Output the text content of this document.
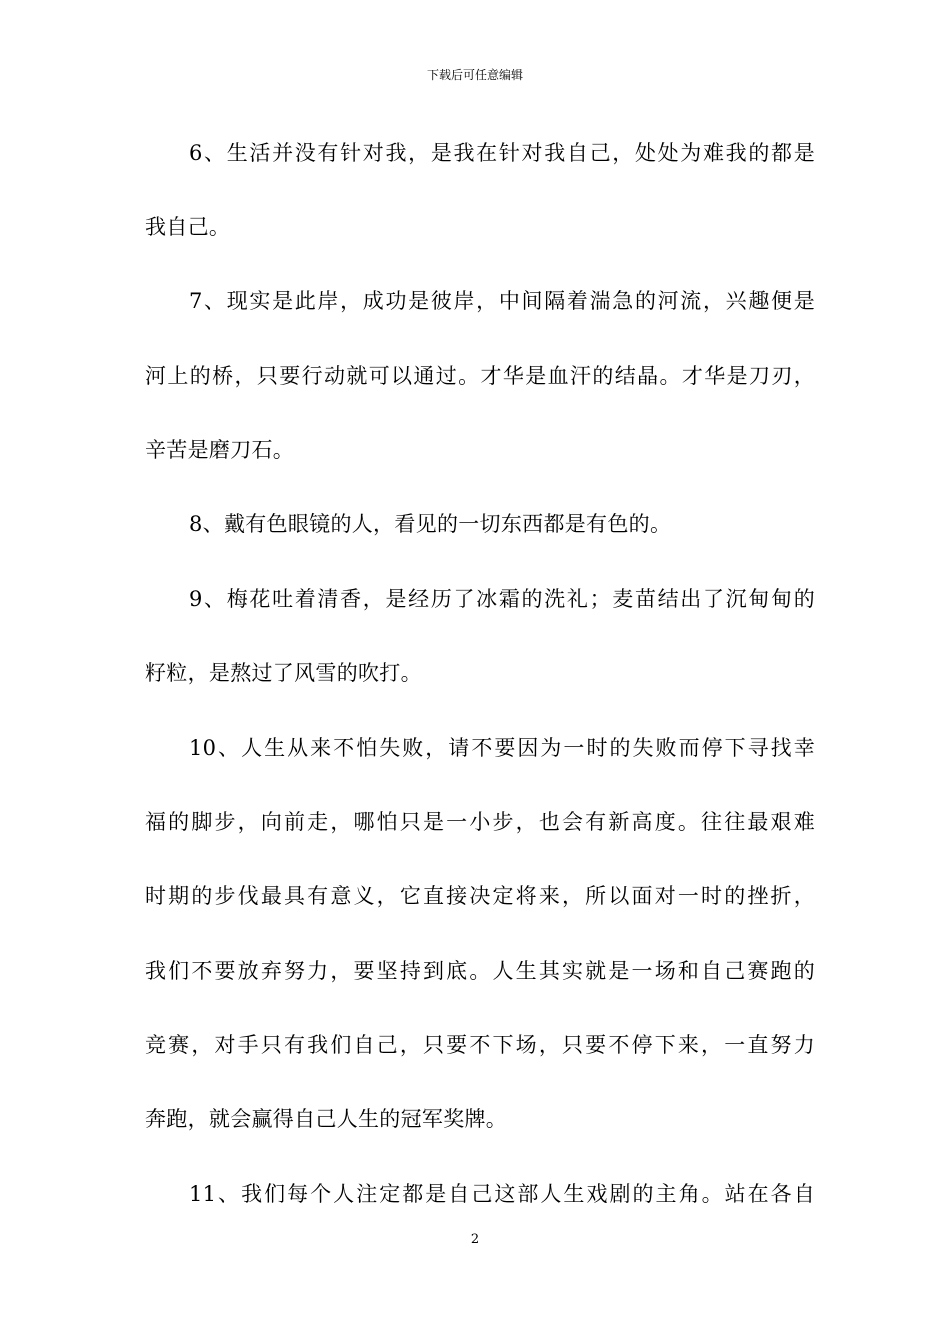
下载后可任意编辑
6、生活并没有针对我，是我在针对我自己，处处为难我的都是
我自己。
7、现实是此岸，成功是彼岸，中间隔着湍急的河流，兴趣便是
河上的桥，只要行动就可以通过。才华是血汗的结晶。才华是刀刃，
辛苦是磨刀石。
8、戴有色眼镜的人，看见的一切东西都是有色的。
9、梅花吐着清香，是经历了冰霜的洗礼；麦苗结出了沉甸甸的
籽粒，是熬过了风雪的吹打。
10、人生从来不怕失败，请不要因为一时的失败而停下寻找幸
福的脚步，向前走，哪怕只是一小步，也会有新高度。往往最艰难
时期的步伐最具有意义，它直接决定将来，所以面对一时的挫折，
我们不要放弃努力，要坚持到底。人生其实就是一场和自己赛跑的
竞赛，对手只有我们自己，只要不下场，只要不停下来，一直努力
奔跑，就会赢得自己人生的冠军奖牌。
11、我们每个人注定都是自己这部人生戏剧的主角。站在各自
2
